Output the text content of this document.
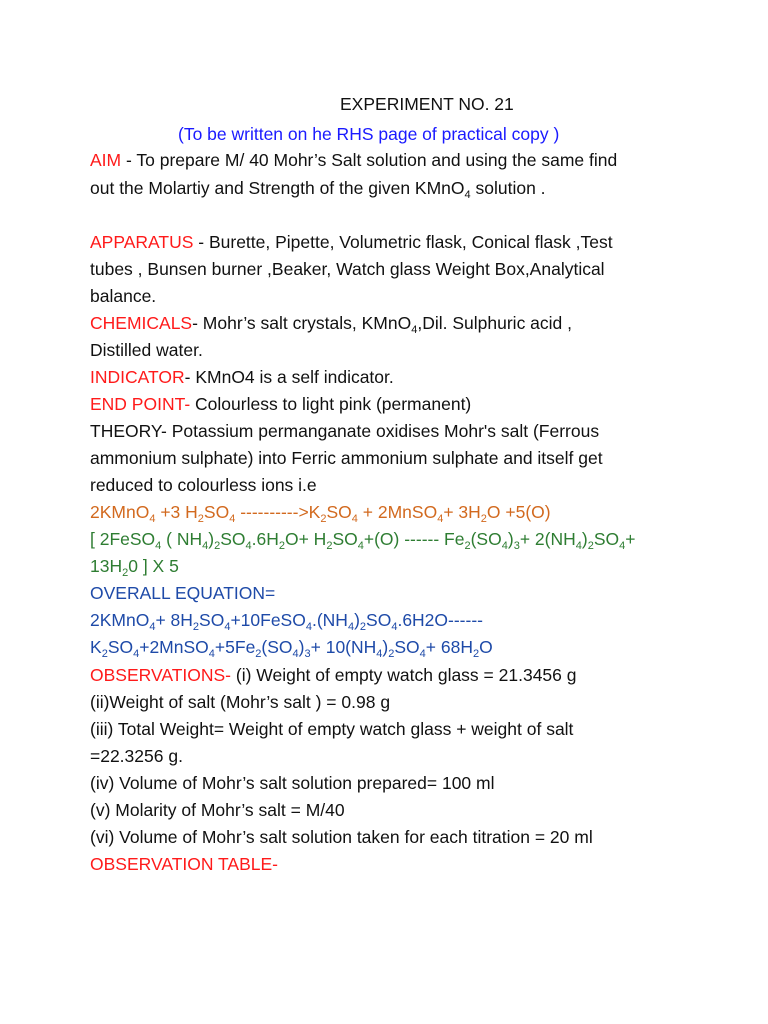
EXPERIMENT NO. 21
(To be written on he RHS page of practical copy )
AIM - To prepare M/ 40 Mohr’s Salt solution and using the same find
out the Molartiy and Strength of the given KMnO$_4$ solution .
APPARATUS - Burette, Pipette, Volumetric flask, Conical flask ,Test
tubes , Bunsen burner ,Beaker, Watch glass Weight Box,Analytical
balance.
CHEMICALS- Mohr’s salt crystals, KMnO$_4$,Dil. Sulphuric acid ,
Distilled water.
INDICATOR- KMnO4 is a self indicator.
END POINT- Colourless to light pink (permanent)
THEORY- Potassium permanganate oxidises Mohr's salt (Ferrous
ammonium sulphate) into Ferric ammonium sulphate and itself get
reduced to colourless ions i.e
2KMnO$_4$ +3 $H_2SO_4$ $---------->K_2SO_4$ + 2MnSO$_4$+ $3H_2O +5(O)$
[ 2FeSO$_4$ ( $NH_4)_2SO_4.6H_2O+ H_2SO_4+(O)$ ------ $Fe_2(SO_4)_3+ 2(NH_4)_2SO_4+$
$13H_20$ ] X 5
OVERALL EQUATION=
2KMnO$_4$+ $8H_2SO_4+10FeSO_4.(NH_4)_2SO_4.6H2O------$
$K_2SO_4+2MnSO_4+5Fe_2(SO_4)_3+ 10(NH_4)_2SO_4+ 68H_2O$
OBSERVATIONS- (i) Weight of empty watch glass = 21.3456 g
(ii)Weight of salt (Mohr’s salt ) = 0.98 g
(iii) Total Weight= Weight of empty watch glass + weight of salt
=22.3256 g.
(iv) Volume of Mohr’s salt solution prepared= 100 ml
(v) Molarity of Mohr’s salt = M/40
(vi) Volume of Mohr’s salt solution taken for each titration = 20 ml
OBSERVATION TABLE-
